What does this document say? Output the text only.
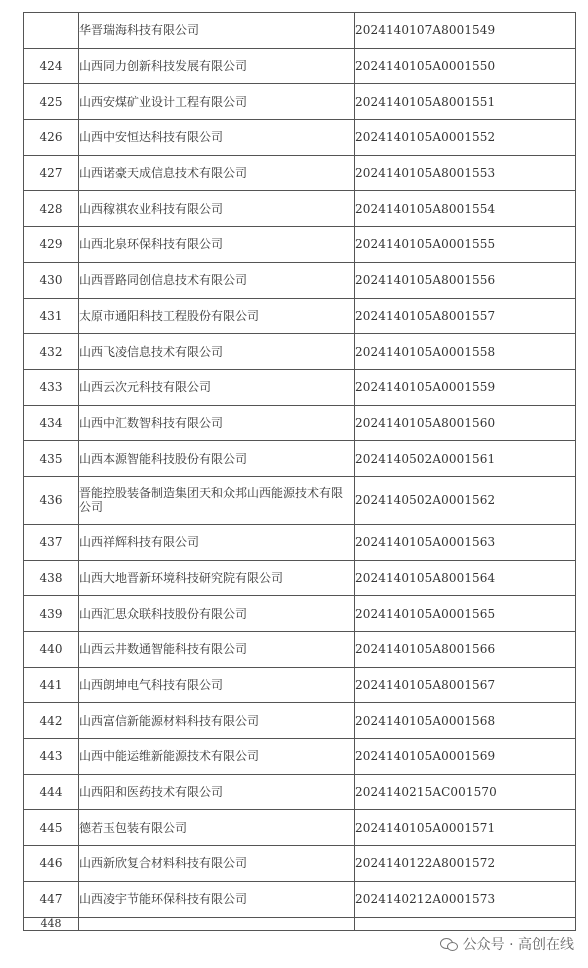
	华晋瑞海科技有限公司	2024140107A8001549
424	山西同力创新科技发展有限公司	2024140105A0001550
425	山西安煤矿业设计工程有限公司	2024140105A8001551
426	山西中安恒达科技有限公司	2024140105A0001552
427	山西诺豪天成信息技术有限公司	2024140105A8001553
428	山西稼祺农业科技有限公司	2024140105A8001554
429	山西北泉环保科技有限公司	2024140105A0001555
430	山西晋路同创信息技术有限公司	2024140105A8001556
431	太原市通阳科技工程股份有限公司	2024140105A8001557
432	山西飞凌信息技术有限公司	2024140105A0001558
433	山西云次元科技有限公司	2024140105A0001559
434	山西中汇数智科技有限公司	2024140105A8001560
435	山西本源智能科技股份有限公司	2024140502A0001561
436	晋能控股装备制造集团天和众邦山西能源技术有限公司	2024140502A0001562
437	山西祥辉科技有限公司	2024140105A0001563
438	山西大地晋新环境科技研究院有限公司	2024140105A8001564
439	山西汇思众联科技股份有限公司	2024140105A0001565
440	山西云井数通智能科技有限公司	2024140105A8001566
441	山西朗坤电气科技有限公司	2024140105A8001567
442	山西富信新能源材料科技有限公司	2024140105A0001568
443	山西中能运维新能源技术有限公司	2024140105A0001569
444	山西阳和医药技术有限公司	2024140215AC001570
445	德若玉包装有限公司	2024140105A0001571
446	山西新欣复合材料科技有限公司	2024140122A8001572
447	山西凌宇节能环保科技有限公司	2024140212A0001573
448		
公众号 · 高创在线
